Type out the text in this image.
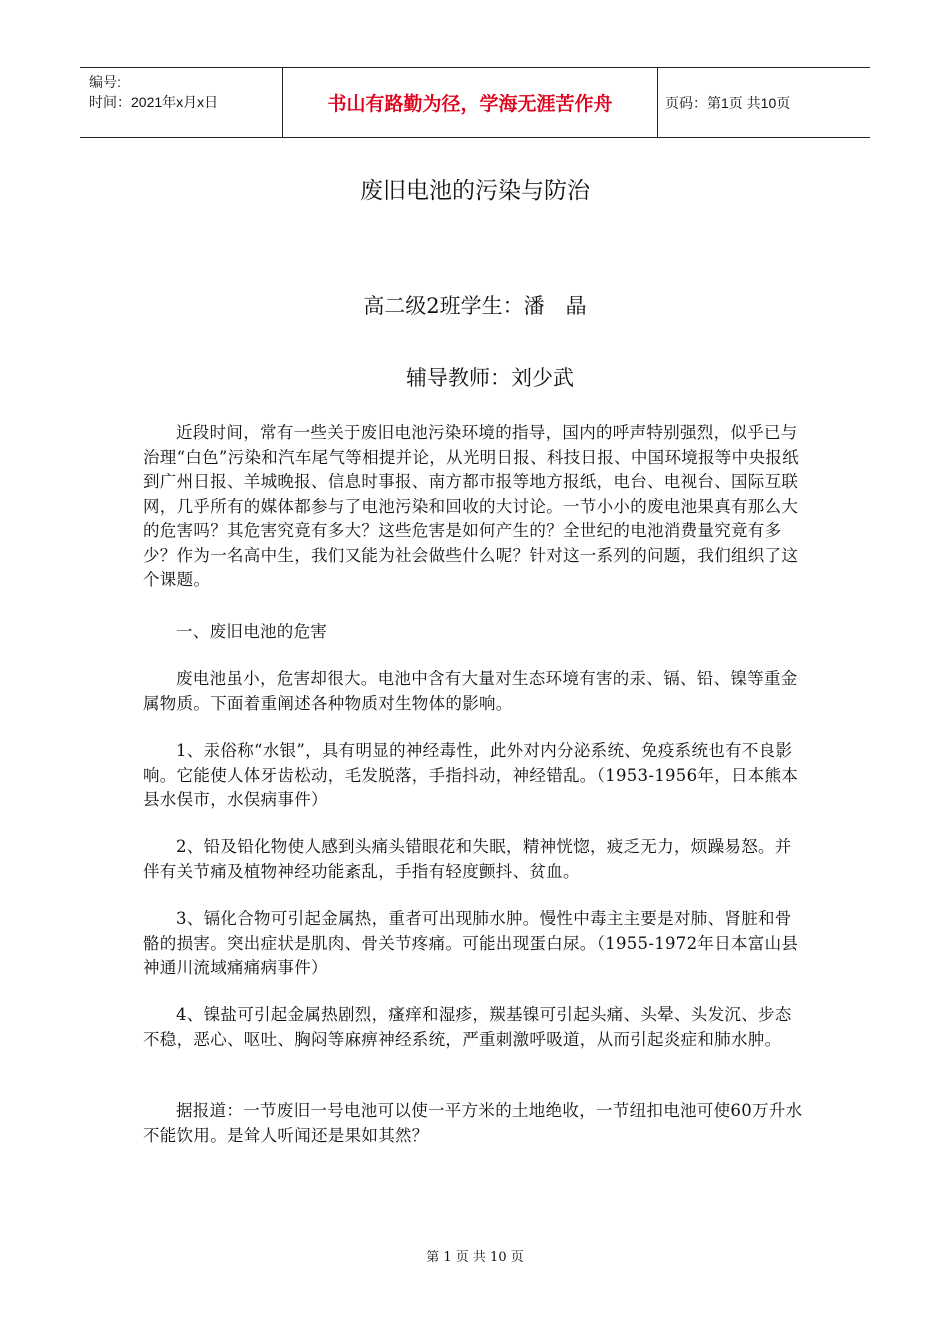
编号:
时间：2021年x月x日	书山有路勤为径，学海无涯苦作舟	页码：第1页 共10页
废旧电池的污染与防治
高二级2班学生：潘　晶
辅导教师：刘少武

近段时间，常有一些关于废旧电池污染环境的指导，国内的呼声特别强烈，似乎已与治理“白色”污染和汽车尾气等相提并论，从光明日报、科技日报、中国环境报等中央报纸到广州日报、羊城晚报、信息时事报、南方都市报等地方报纸，电台、电视台、国际互联网，几乎所有的媒体都参与了电池污染和回收的大讨论。一节小小的废电池果真有那么大的危害吗？其危害究竟有多大？这些危害是如何产生的？全世纪的电池消费量究竟有多少？作为一名高中生，我们又能为社会做些什么呢？针对这一系列的问题，我们组织了这个课题。

一、废旧电池的危害

废电池虽小，危害却很大。电池中含有大量对生态环境有害的汞、镉、铅、镍等重金属物质。下面着重阐述各种物质对生物体的影响。

1、汞俗称“水银”，具有明显的神经毒性，此外对内分泌系统、免疫系统也有不良影响。它能使人体牙齿松动，毛发脱落，手指抖动，神经错乱。（1953-1956年，日本熊本县水俣市，水俣病事件）

2、铅及铅化物使人感到头痛头错眼花和失眠，精神恍惚，疲乏无力，烦躁易怒。并伴有关节痛及植物神经功能紊乱，手指有轻度颤抖、贫血。

3、镉化合物可引起金属热，重者可出现肺水肿。慢性中毒主主要是对肺、肾脏和骨骼的损害。突出症状是肌肉、骨关节疼痛。可能出现蛋白尿。（1955-1972年日本富山县神通川流域痛痛病事件）

4、镍盐可引起金属热剧烈，瘙痒和湿疹，羰基镍可引起头痛、头晕、头发沉、步态不稳，恶心、呕吐、胸闷等麻痹神经系统，严重刺激呼吸道，从而引起炎症和肺水肿。

据报道：一节废旧一号电池可以使一平方米的土地绝收，一节纽扣电池可使60万升水不能饮用。是耸人听闻还是果如其然？

第 1 页 共 10 页
